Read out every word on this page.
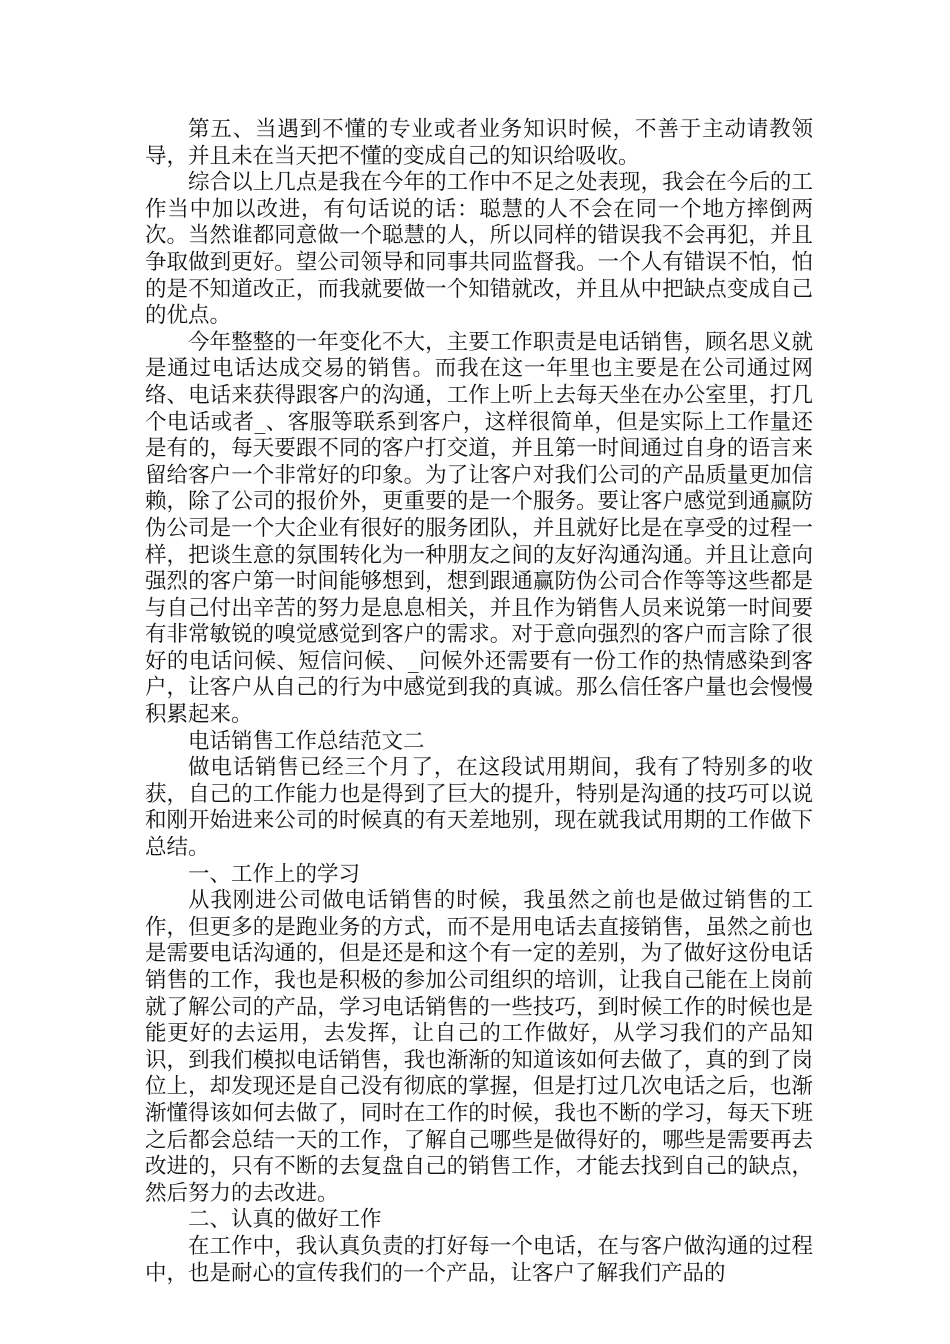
第五、当遇到不懂的专业或者业务知识时候，不善于主动请教领导，并且未在当天把不懂的变成自己的知识给吸收。

综合以上几点是我在今年的工作中不足之处表现，我会在今后的工作当中加以改进，有句话说的话：聪慧的人不会在同一个地方摔倒两次。当然谁都同意做一个聪慧的人，所以同样的错误我不会再犯，并且争取做到更好。望公司领导和同事共同监督我。一个人有错误不怕，怕的是不知道改正，而我就要做一个知错就改，并且从中把缺点变成自己的优点。

今年整整的一年变化不大，主要工作职责是电话销售，顾名思义就是通过电话达成交易的销售。而我在这一年里也主要是在公司通过网络、电话来获得跟客户的沟通，工作上听上去每天坐在办公室里，打几个电话或者_、客服等联系到客户，这样很简单，但是实际上工作量还是有的，每天要跟不同的客户打交道，并且第一时间通过自身的语言来留给客户一个非常好的印象。为了让客户对我们公司的产品质量更加信赖，除了公司的报价外，更重要的是一个服务。要让客户感觉到通赢防伪公司是一个大企业有很好的服务团队，并且就好比是在享受的过程一样，把谈生意的氛围转化为一种朋友之间的友好沟通沟通。并且让意向强烈的客户第一时间能够想到，想到跟通赢防伪公司合作等等这些都是与自己付出辛苦的努力是息息相关，并且作为销售人员来说第一时间要有非常敏锐的嗅觉感觉到客户的需求。对于意向强烈的客户而言除了很好的电话问候、短信问候、_问候外还需要有一份工作的热情感染到客户，让客户从自己的行为中感觉到我的真诚。那么信任客户量也会慢慢积累起来。

电话销售工作总结范文二

做电话销售已经三个月了，在这段试用期间，我有了特别多的收获，自己的工作能力也是得到了巨大的提升，特别是沟通的技巧可以说和刚开始进来公司的时候真的有天差地别，现在就我试用期的工作做下总结。

一、工作上的学习

从我刚进公司做电话销售的时候，我虽然之前也是做过销售的工作，但更多的是跑业务的方式，而不是用电话去直接销售，虽然之前也是需要电话沟通的，但是还是和这个有一定的差别，为了做好这份电话销售的工作，我也是积极的参加公司组织的培训，让我自己能在上岗前就了解公司的产品，学习电话销售的一些技巧，到时候工作的时候也是能更好的去运用，去发挥，让自己的工作做好，从学习我们的产品知识，到我们模拟电话销售，我也渐渐的知道该如何去做了，真的到了岗位上，却发现还是自己没有彻底的掌握，但是打过几次电话之后，也渐渐懂得该如何去做了，同时在工作的时候，我也不断的学习，每天下班之后都会总结一天的工作，了解自己哪些是做得好的，哪些是需要再去改进的，只有不断的去复盘自己的销售工作，才能去找到自己的缺点，然后努力的去改进。

二、认真的做好工作

在工作中，我认真负责的打好每一个电话，在与客户做沟通的过程中，也是耐心的宣传我们的一个产品，让客户了解我们产品的
